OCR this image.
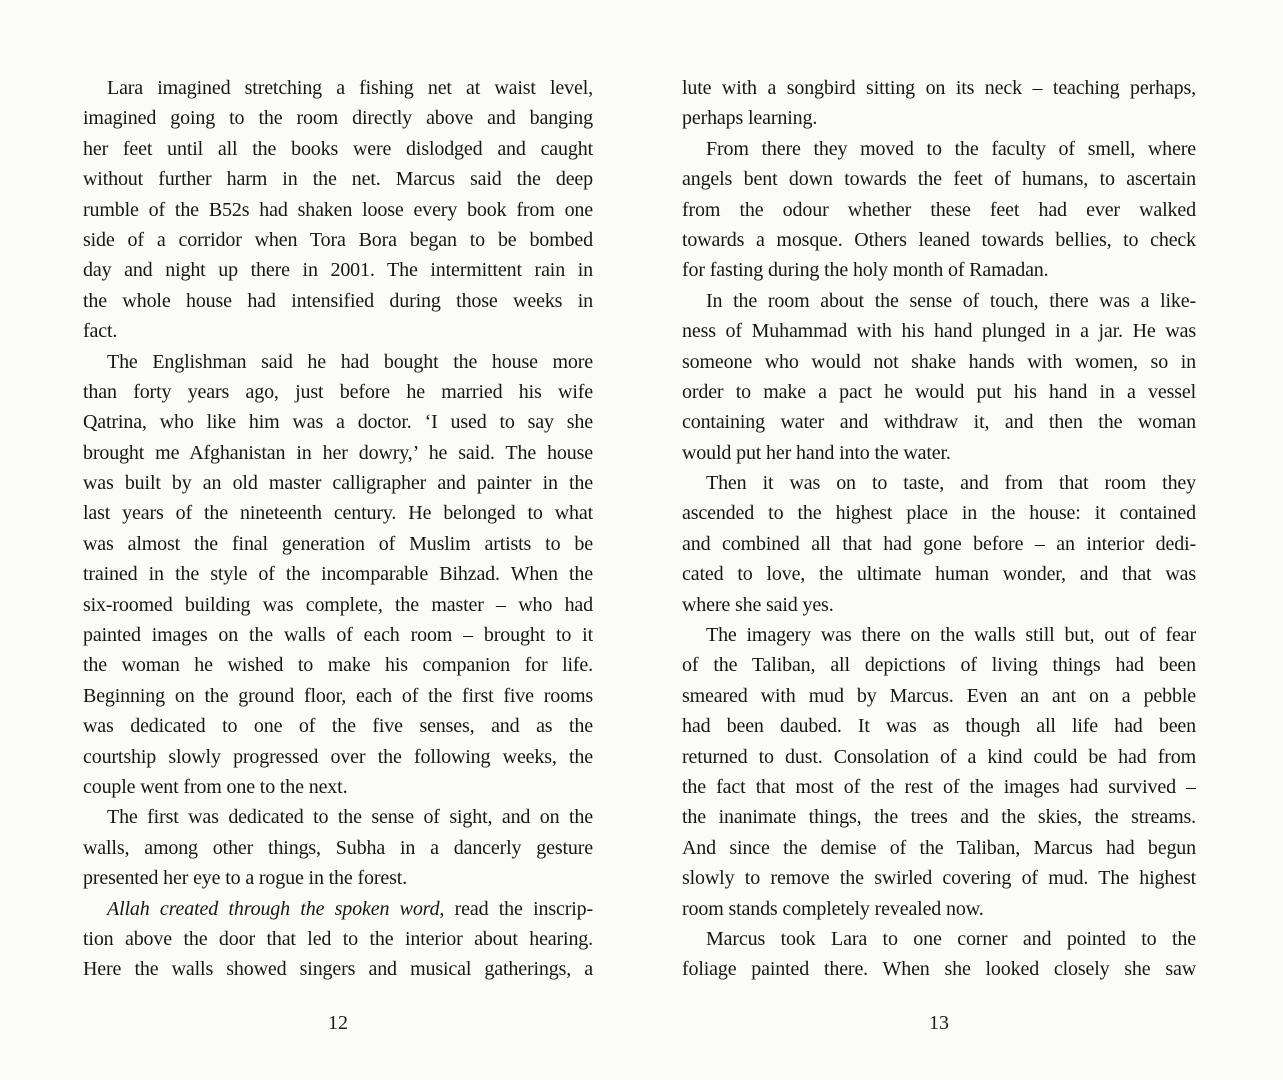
Lara imagined stretching a fishing net at waist level,
imagined going to the room directly above and banging
her feet until all the books were dislodged and caught
without further harm in the net. Marcus said the deep
rumble of the B52s had shaken loose every book from one
side of a corridor when Tora Bora began to be bombed
day and night up there in 2001. The intermittent rain in
the whole house had intensified during those weeks in
fact.
The Englishman said he had bought the house more
than forty years ago, just before he married his wife
Qatrina, who like him was a doctor. ‘I used to say she
brought me Afghanistan in her dowry,’ he said. The house
was built by an old master calligrapher and painter in the
last years of the nineteenth century. He belonged to what
was almost the final generation of Muslim artists to be
trained in the style of the incomparable Bihzad. When the
six-roomed building was complete, the master – who had
painted images on the walls of each room – brought to it
the woman he wished to make his companion for life.
Beginning on the ground floor, each of the first five rooms
was dedicated to one of the five senses, and as the
courtship slowly progressed over the following weeks, the
couple went from one to the next.
The first was dedicated to the sense of sight, and on the
walls, among other things, Subha in a dancerly gesture
presented her eye to a rogue in the forest.
Allah created through the spoken word, read the inscrip-
tion above the door that led to the interior about hearing.
Here the walls showed singers and musical gatherings, a
lute with a songbird sitting on its neck – teaching perhaps,
perhaps learning.
From there they moved to the faculty of smell, where
angels bent down towards the feet of humans, to ascertain
from the odour whether these feet had ever walked
towards a mosque. Others leaned towards bellies, to check
for fasting during the holy month of Ramadan.
In the room about the sense of touch, there was a like-
ness of Muhammad with his hand plunged in a jar. He was
someone who would not shake hands with women, so in
order to make a pact he would put his hand in a vessel
containing water and withdraw it, and then the woman
would put her hand into the water.
Then it was on to taste, and from that room they
ascended to the highest place in the house: it contained
and combined all that had gone before – an interior dedi-
cated to love, the ultimate human wonder, and that was
where she said yes.
The imagery was there on the walls still but, out of fear
of the Taliban, all depictions of living things had been
smeared with mud by Marcus. Even an ant on a pebble
had been daubed. It was as though all life had been
returned to dust. Consolation of a kind could be had from
the fact that most of the rest of the images had survived –
the inanimate things, the trees and the skies, the streams.
And since the demise of the Taliban, Marcus had begun
slowly to remove the swirled covering of mud. The highest
room stands completely revealed now.
Marcus took Lara to one corner and pointed to the
foliage painted there. When she looked closely she saw
12	13
